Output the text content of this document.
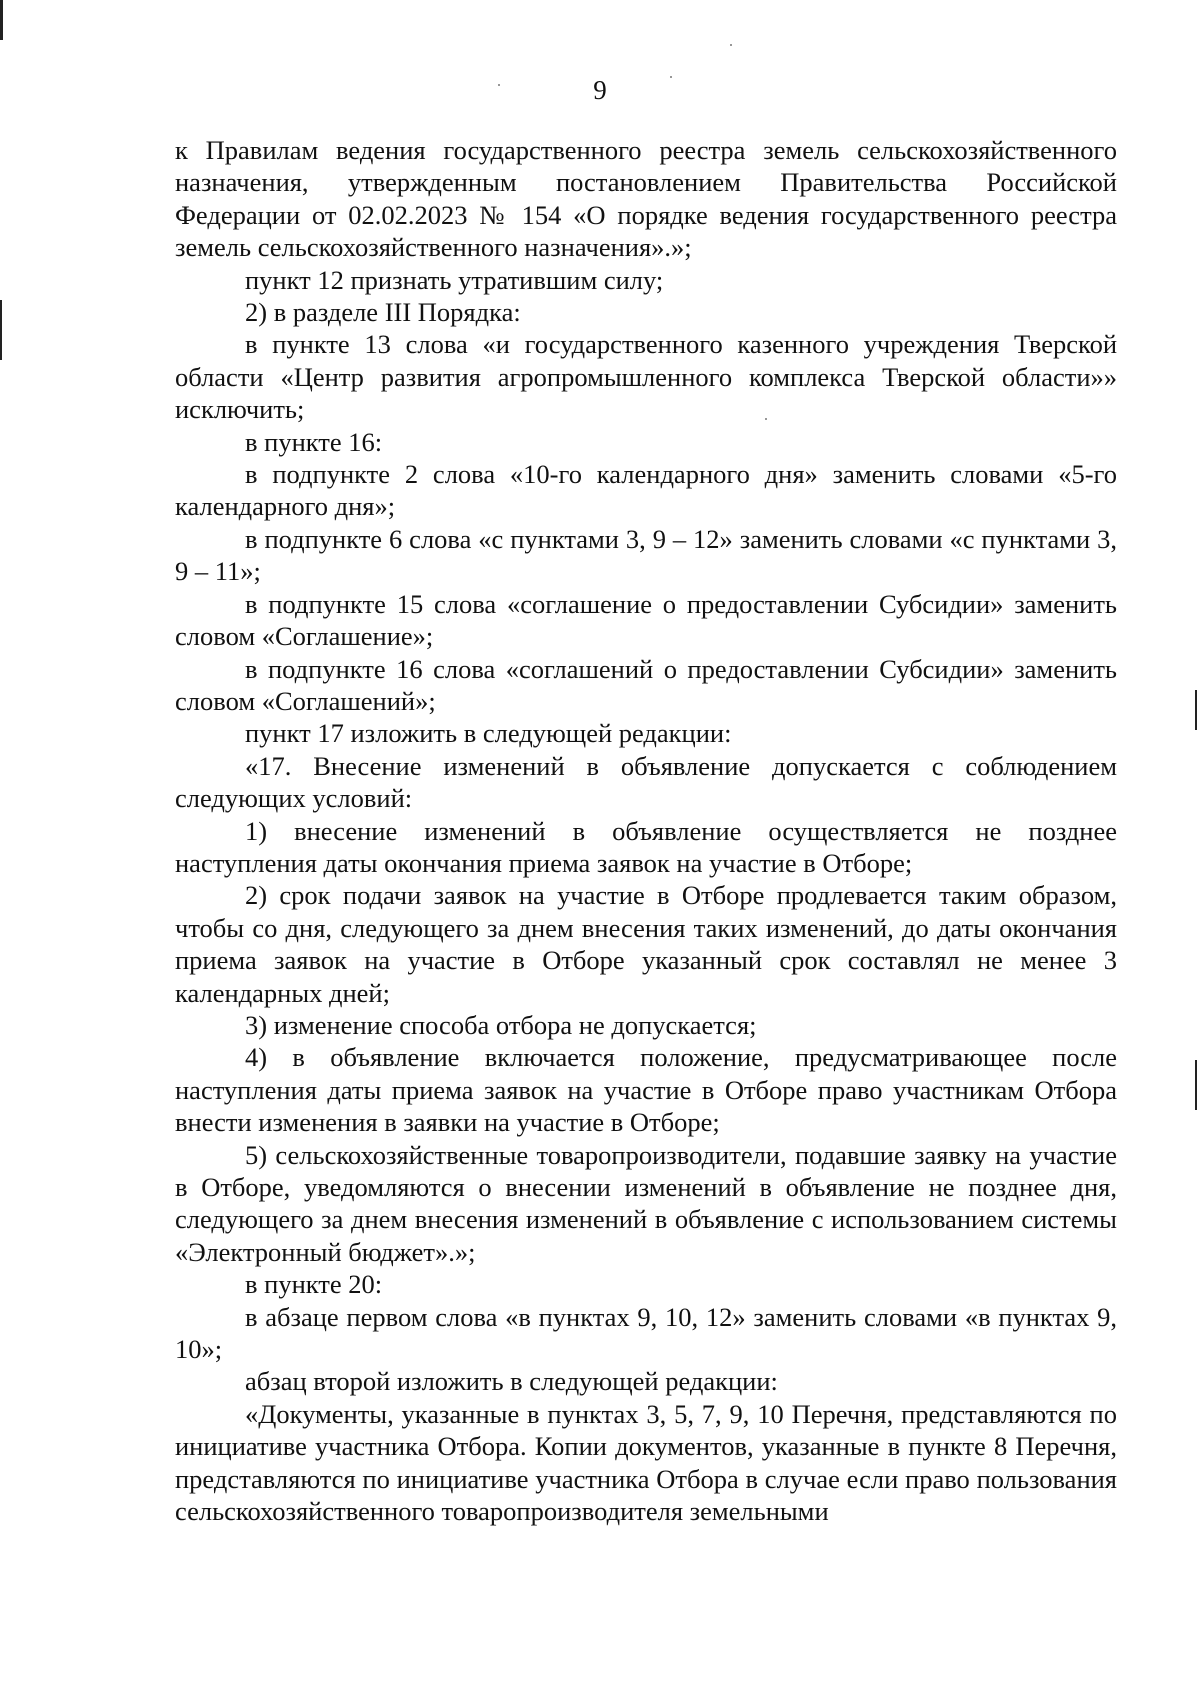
9

к Правилам ведения государственного реестра земель сельскохозяйственного назначения, утвержденным постановлением Правительства Российской Федерации от 02.02.2023 № 154 «О порядке ведения государственного реестра земель сельскохозяйственного назначения».»;

пункт 12 признать утратившим силу;

2) в разделе III Порядка:

в пункте 13 слова «и государственного казенного учреждения Тверской области «Центр развития агропромышленного комплекса Тверской области»» исключить;

в пункте 16:

в подпункте 2 слова «10-го календарного дня» заменить словами «5-го календарного дня»;

в подпункте 6 слова «с пунктами 3, 9 – 12» заменить словами «с пунктами 3, 9 – 11»;

в подпункте 15 слова «соглашение о предоставлении Субсидии» заменить словом «Соглашение»;

в подпункте 16 слова «соглашений о предоставлении Субсидии» заменить словом «Соглашений»;

пункт 17 изложить в следующей редакции:

«17. Внесение изменений в объявление допускается с соблюдением следующих условий:

1) внесение изменений в объявление осуществляется не позднее наступления даты окончания приема заявок на участие в Отборе;

2) срок подачи заявок на участие в Отборе продлевается таким образом, чтобы со дня, следующего за днем внесения таких изменений, до даты окончания приема заявок на участие в Отборе указанный срок составлял не менее 3 календарных дней;

3) изменение способа отбора не допускается;

4) в объявление включается положение, предусматривающее после наступления даты приема заявок на участие в Отборе право участникам Отбора внести изменения в заявки на участие в Отборе;

5) сельскохозяйственные товаропроизводители, подавшие заявку на участие в Отборе, уведомляются о внесении изменений в объявление не позднее дня, следующего за днем внесения изменений в объявление с использованием системы «Электронный бюджет».»;

в пункте 20:

в абзаце первом слова «в пунктах 9, 10, 12» заменить словами «в пунктах 9, 10»;

абзац второй изложить в следующей редакции:

«Документы, указанные в пунктах 3, 5, 7, 9, 10 Перечня, представляются по инициативе участника Отбора. Копии документов, указанные в пункте 8 Перечня, представляются по инициативе участника Отбора в случае если право пользования сельскохозяйственного товаропроизводителя земельными
